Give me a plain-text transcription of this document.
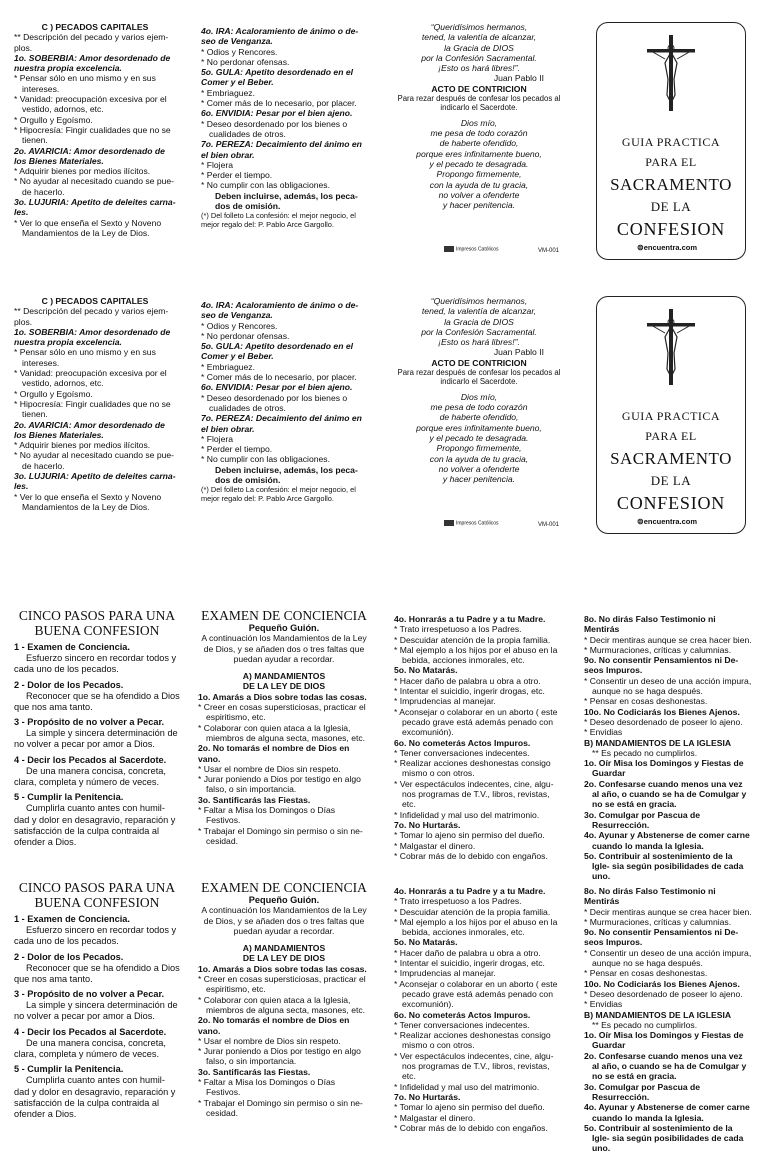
C ) PECADOS CAPITALES

** Descripción del pecado y varios ejem- plos.

1o. SOBERBIA: Amor desordenado de nuestra propia excelencia.

* Pensar sólo en uno mismo y en sus intereses.

* Vanidad: preocupación excesiva por el vestido, adornos, etc.

* Orgullo y Egoísmo.

* Hipocresía: Fingir cualidades que no se tienen.

2o. AVARICIA: Amor desordenado de los Bienes Materiales.

* Adquirir bienes por medios ilícitos.

* No ayudar al necesitado cuando se pue- de hacerlo.

3o. LUJURIA: Apetito de deleites carna- les.

* Ver lo que enseña el Sexto y Noveno Mandamientos de la Ley de Dios.

4o. IRA: Acaloramiento de ánimo o de- seo de Venganza.

* Odios y Rencores.

* No perdonar ofensas.

5o. GULA: Apetito desordenado en el Comer y el Beber.

* Embriaguez.

* Comer más de lo necesario, por placer.

6o. ENVIDIA: Pesar por el bien ajeno.

* Deseo desordenado por los bienes o cualidades de otros.

7o. PEREZA: Decaimiento del ánimo en el bien obrar.

* Flojera

* Perder el tiempo.

* No cumplir con las obligaciones.

Deben incluirse, además, los peca- dos de omisión.

(*) Del folleto La confesión: el mejor negocio, el mejor regalo del: P. Pablo Arce Gargollo.

“Queridísimos hermanos,

tened, la valentía de alcanzar,

la Gracia de DIOS

por la Confesión Sacramental.

¡Esto os hará libres!”.

Juan Pablo II

ACTO DE CONTRICION

Para rezar después de confesar los pecados al indicarlo el Sacerdote.

Dios mío,

me pesa de todo corazón

de haberte ofendido,

porque eres infinitamente bueno,

y el pecado te desagrada.

Propongo firmemente,

con la ayuda de tu gracia,

no volver a ofenderte

y hacer penitencia.

Impresos Católicos	VM-001
GUIA PRACTICA
PARA EL
SACRAMENTO
DE LA
CONFESION
⊜encuentra.com

C ) PECADOS CAPITALES

** Descripción del pecado y varios ejem- plos.

1o. SOBERBIA: Amor desordenado de nuestra propia excelencia.

* Pensar sólo en uno mismo y en sus intereses.

* Vanidad: preocupación excesiva por el vestido, adornos, etc.

* Orgullo y Egoísmo.

* Hipocresía: Fingir cualidades que no se tienen.

2o. AVARICIA: Amor desordenado de los Bienes Materiales.

* Adquirir bienes por medios ilícitos.

* No ayudar al necesitado cuando se pue- de hacerlo.

3o. LUJURIA: Apetito de deleites carna- les.

* Ver lo que enseña el Sexto y Noveno Mandamientos de la Ley de Dios.

4o. IRA: Acaloramiento de ánimo o de- seo de Venganza.

* Odios y Rencores.

* No perdonar ofensas.

5o. GULA: Apetito desordenado en el Comer y el Beber.

* Embriaguez.

* Comer más de lo necesario, por placer.

6o. ENVIDIA: Pesar por el bien ajeno.

* Deseo desordenado por los bienes o cualidades de otros.

7o. PEREZA: Decaimiento del ánimo en el bien obrar.

* Flojera

* Perder el tiempo.

* No cumplir con las obligaciones.

Deben incluirse, además, los peca- dos de omisión.

(*) Del folleto La confesión: el mejor negocio, el mejor regalo del: P. Pablo Arce Gargollo.

“Queridísimos hermanos,

tened, la valentía de alcanzar,

la Gracia de DIOS

por la Confesión Sacramental.

¡Esto os hará libres!”.

Juan Pablo II

ACTO DE CONTRICION

Para rezar después de confesar los pecados al indicarlo el Sacerdote.

Dios mío,

me pesa de todo corazón

de haberte ofendido,

porque eres infinitamente bueno,

y el pecado te desagrada.

Propongo firmemente,

con la ayuda de tu gracia,

no volver a ofenderte

y hacer penitencia.

Impresos Católicos	VM-001
GUIA PRACTICA
PARA EL
SACRAMENTO
DE LA
CONFESION
⊜encuentra.com

CINCO PASOS PARA UNA

BUENA CONFESION

1 - Examen de Conciencia.

Esfuerzo sincero en recordar todos y cada uno de los pecados.

2 - Dolor de los Pecados.

Reconocer que se ha ofendido a Dios que nos ama tanto.

3 - Propósito de no volver a Pecar.

La simple y sincera determinación de no volver a pecar por amor a Dios.

4 - Decir los Pecados al Sacerdote.

De una manera concisa, concreta, clara, completa y número de veces.

5 - Cumplir la Penitencia.

Cumplirla cuanto antes con humil- dad y dolor en desagravio, reparación y satisfacción de la culpa contraida al ofender a Dios.

EXAMEN DE CONCIENCIA

Pequeño Guión.

A continuación los Mandamientos de la Ley de Dios, y se añaden dos o tres faltas que puedan ayudar a recordar.

A) MANDAMIENTOS

DE LA LEY DE DIOS

1o. Amarás a Dios sobre todas las cosas.

* Creer en cosas supersticiosas, practicar el espiritismo, etc.

* Colaborar con quien ataca a la Iglesia, miembros de alguna secta, masones, etc.

2o. No tomarás el nombre de Dios en vano.

* Usar el nombre de Dios sin respeto.

* Jurar poniendo a Dios por testigo en algo falso, o sin importancia.

3o. Santificarás las Fiestas.

* Faltar a Misa los Domingos o Días Festivos.

* Trabajar el Domingo sin permiso o sin ne- cesidad.

4o. Honrarás a tu Padre y a tu Madre.

* Trato irrespetuoso a los Padres.

* Descuidar atención de la propia familia.

* Mal ejemplo a los hijos por el abuso en la bebida, acciones inmorales, etc.

5o. No Matarás.

* Hacer daño de palabra u obra a otro.

* Intentar el suicidio, ingerir drogas, etc.

* Imprudencias al manejar.

* Aconsejar o colaborar en un aborto ( este pecado grave está además penado con excomunión).

6o. No cometerás Actos Impuros.

* Tener conversaciones indecentes.

* Realizar acciones deshonestas consigo mismo o con otros.

* Ver espectáculos indecentes, cine, algu- nos programas de T.V., libros, revistas, etc.

* Infidelidad y mal uso del matrimonio.

7o. No Hurtarás.

* Tomar lo ajeno sin permiso del dueño.

* Malgastar el dinero.

* Cobrar más de lo debido con engaños.

8o. No dirás Falso Testimonio ni Mentirás

* Decir mentiras aunque se crea hacer bien.

* Murmuraciones, críticas y calumnias.

9o. No consentir Pensamientos ni De- seos Impuros.

* Consentir un deseo de una acción impura, aunque no se haga después.

* Pensar en cosas deshonestas.

10o. No Codiciarás los Bienes Ajenos.

* Deseo desordenado de poseer lo ajeno.

* Envidias

B) MANDAMIENTOS DE LA IGLESIA

** Es pecado no cumplirlos.

1o. Oír Misa los Domingos y Fiestas de Guardar

2o. Confesarse cuando menos una vez al año, o cuando se ha de Comulgar y no se está en gracia.

3o. Comulgar por Pascua de Resurrección.

4o. Ayunar y Abstenerse de comer carne cuando lo manda la Iglesia.

5o. Contribuir al sostenimiento de la Igle- sia según posibilidades de cada uno.

CINCO PASOS PARA UNA

BUENA CONFESION

1 - Examen de Conciencia.

Esfuerzo sincero en recordar todos y cada uno de los pecados.

2 - Dolor de los Pecados.

Reconocer que se ha ofendido a Dios que nos ama tanto.

3 - Propósito de no volver a Pecar.

La simple y sincera determinación de no volver a pecar por amor a Dios.

4 - Decir los Pecados al Sacerdote.

De una manera concisa, concreta, clara, completa y número de veces.

5 - Cumplir la Penitencia.

Cumplirla cuanto antes con humil- dad y dolor en desagravio, reparación y satisfacción de la culpa contraida al ofender a Dios.

EXAMEN DE CONCIENCIA

Pequeño Guión.

A continuación los Mandamientos de la Ley de Dios, y se añaden dos o tres faltas que puedan ayudar a recordar.

A) MANDAMIENTOS

DE LA LEY DE DIOS

1o. Amarás a Dios sobre todas las cosas.

* Creer en cosas supersticiosas, practicar el espiritismo, etc.

* Colaborar con quien ataca a la Iglesia, miembros de alguna secta, masones, etc.

2o. No tomarás el nombre de Dios en vano.

* Usar el nombre de Dios sin respeto.

* Jurar poniendo a Dios por testigo en algo falso, o sin importancia.

3o. Santificarás las Fiestas.

* Faltar a Misa los Domingos o Días Festivos.

* Trabajar el Domingo sin permiso o sin ne- cesidad.

4o. Honrarás a tu Padre y a tu Madre.

* Trato irrespetuoso a los Padres.

* Descuidar atención de la propia familia.

* Mal ejemplo a los hijos por el abuso en la bebida, acciones inmorales, etc.

5o. No Matarás.

* Hacer daño de palabra u obra a otro.

* Intentar el suicidio, ingerir drogas, etc.

* Imprudencias al manejar.

* Aconsejar o colaborar en un aborto ( este pecado grave está además penado con excomunión).

6o. No cometerás Actos Impuros.

* Tener conversaciones indecentes.

* Realizar acciones deshonestas consigo mismo o con otros.

* Ver espectáculos indecentes, cine, algu- nos programas de T.V., libros, revistas, etc.

* Infidelidad y mal uso del matrimonio.

7o. No Hurtarás.

* Tomar lo ajeno sin permiso del dueño.

* Malgastar el dinero.

* Cobrar más de lo debido con engaños.

8o. No dirás Falso Testimonio ni Mentirás

* Decir mentiras aunque se crea hacer bien.

* Murmuraciones, críticas y calumnias.

9o. No consentir Pensamientos ni De- seos Impuros.

* Consentir un deseo de una acción impura, aunque no se haga después.

* Pensar en cosas deshonestas.

10o. No Codiciarás los Bienes Ajenos.

* Deseo desordenado de poseer lo ajeno.

* Envidias

B) MANDAMIENTOS DE LA IGLESIA

** Es pecado no cumplirlos.

1o. Oír Misa los Domingos y Fiestas de Guardar

2o. Confesarse cuando menos una vez al año, o cuando se ha de Comulgar y no se está en gracia.

3o. Comulgar por Pascua de Resurrección.

4o. Ayunar y Abstenerse de comer carne cuando lo manda la Iglesia.

5o. Contribuir al sostenimiento de la Igle- sia según posibilidades de cada uno.
